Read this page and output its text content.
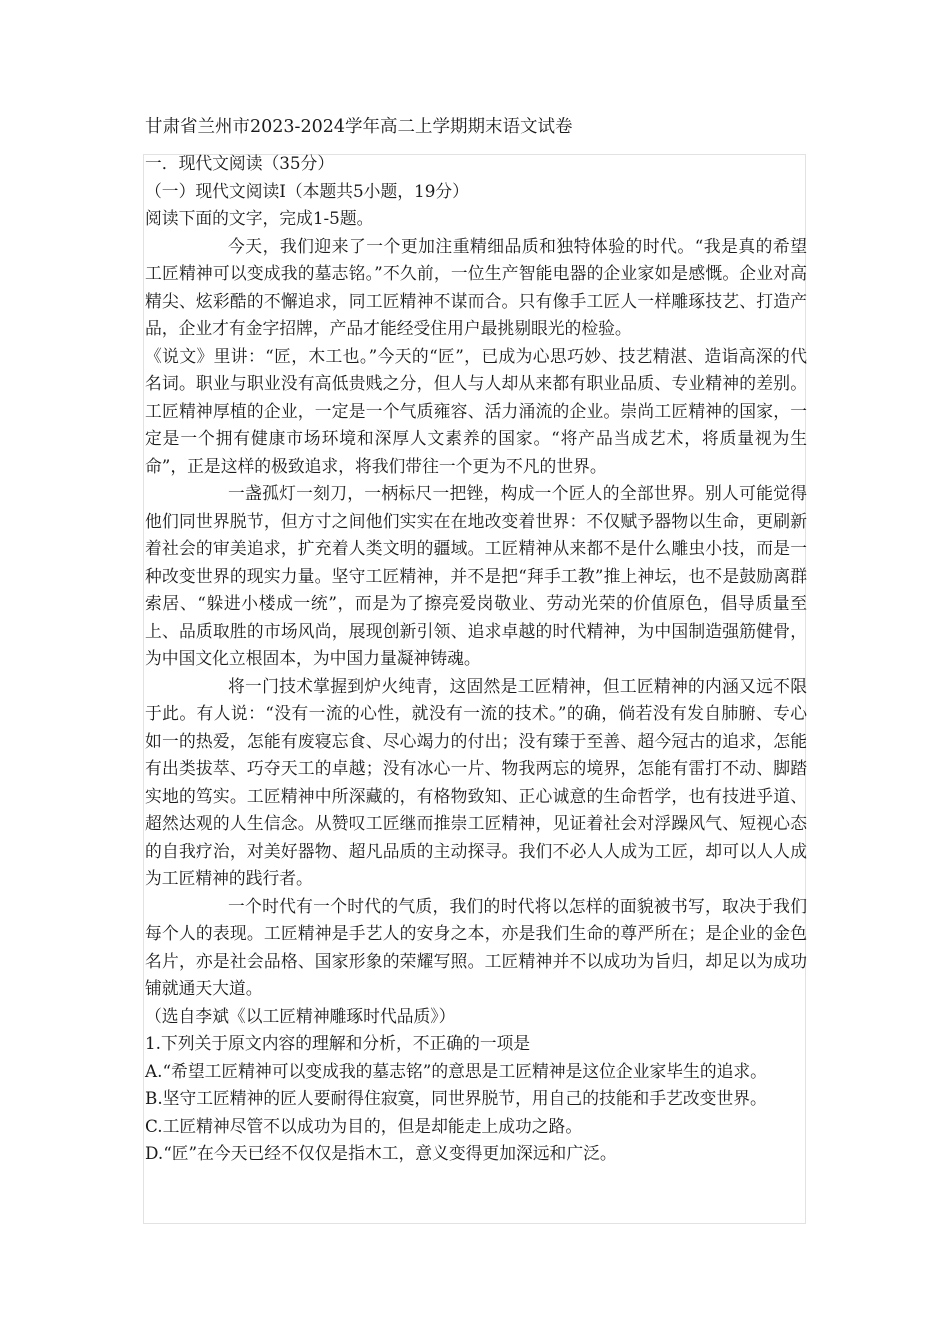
甘肃省兰州市2023-2024学年高二上学期期末语文试卷

一．现代文阅读（35分）

（一）现代文阅读Ⅰ（本题共5小题，19分）

阅读下面的文字，完成1-5题。

今天，我们迎来了一个更加注重精细品质和独特体验的时代。“我是真的希望工匠精神可以变成我的墓志铭。”不久前，一位生产智能电器的企业家如是感慨。企业对高精尖、炫彩酷的不懈追求，同工匠精神不谋而合。只有像手工匠人一样雕琢技艺、打造产品，企业才有金字招牌，产品才能经受住用户最挑剔眼光的检验。

《说文》里讲：“匠，木工也。”今天的“匠”，已成为心思巧妙、技艺精湛、造诣高深的代名词。职业与职业没有高低贵贱之分，但人与人却从来都有职业品质、专业精神的差别。工匠精神厚植的企业，一定是一个气质雍容、活力涌流的企业。崇尚工匠精神的国家，一定是一个拥有健康市场环境和深厚人文素养的国家。“将产品当成艺术，将质量视为生命”，正是这样的极致追求，将我们带往一个更为不凡的世界。

一盏孤灯一刻刀，一柄标尺一把锉，构成一个匠人的全部世界。别人可能觉得他们同世界脱节，但方寸之间他们实实在在地改变着世界：不仅赋予器物以生命，更刷新着社会的审美追求，扩充着人类文明的疆域。工匠精神从来都不是什么雕虫小技，而是一种改变世界的现实力量。坚守工匠精神，并不是把“拜手工教”推上神坛，也不是鼓励离群索居、“躲进小楼成一统”，而是为了擦亮爱岗敬业、劳动光荣的价值原色，倡导质量至上、品质取胜的市场风尚，展现创新引领、追求卓越的时代精神，为中国制造强筋健骨，为中国文化立根固本，为中国力量凝神铸魂。

将一门技术掌握到炉火纯青，这固然是工匠精神，但工匠精神的内涵又远不限于此。有人说：“没有一流的心性，就没有一流的技术。”的确，倘若没有发自肺腑、专心如一的热爱，怎能有废寝忘食、尽心竭力的付出；没有臻于至善、超今冠古的追求，怎能有出类拔萃、巧夺天工的卓越；没有冰心一片、物我两忘的境界，怎能有雷打不动、脚踏实地的笃实。工匠精神中所深藏的，有格物致知、正心诚意的生命哲学，也有技进乎道、超然达观的人生信念。从赞叹工匠继而推崇工匠精神，见证着社会对浮躁风气、短视心态的自我疗治，对美好器物、超凡品质的主动探寻。我们不必人人成为工匠，却可以人人成为工匠精神的践行者。

一个时代有一个时代的气质，我们的时代将以怎样的面貌被书写，取决于我们每个人的表现。工匠精神是手艺人的安身之本，亦是我们生命的尊严所在；是企业的金色名片，亦是社会品格、国家形象的荣耀写照。工匠精神并不以成功为旨归，却足以为成功铺就通天大道。

（选自李斌《以工匠精神雕琢时代品质》）

1.下列关于原文内容的理解和分析，不正确的一项是

A.“希望工匠精神可以变成我的墓志铭”的意思是工匠精神是这位企业家毕生的追求。

B.坚守工匠精神的匠人要耐得住寂寞，同世界脱节，用自己的技能和手艺改变世界。

C.工匠精神尽管不以成功为目的，但是却能走上成功之路。

D.“匠”在今天已经不仅仅是指木工，意义变得更加深远和广泛。
